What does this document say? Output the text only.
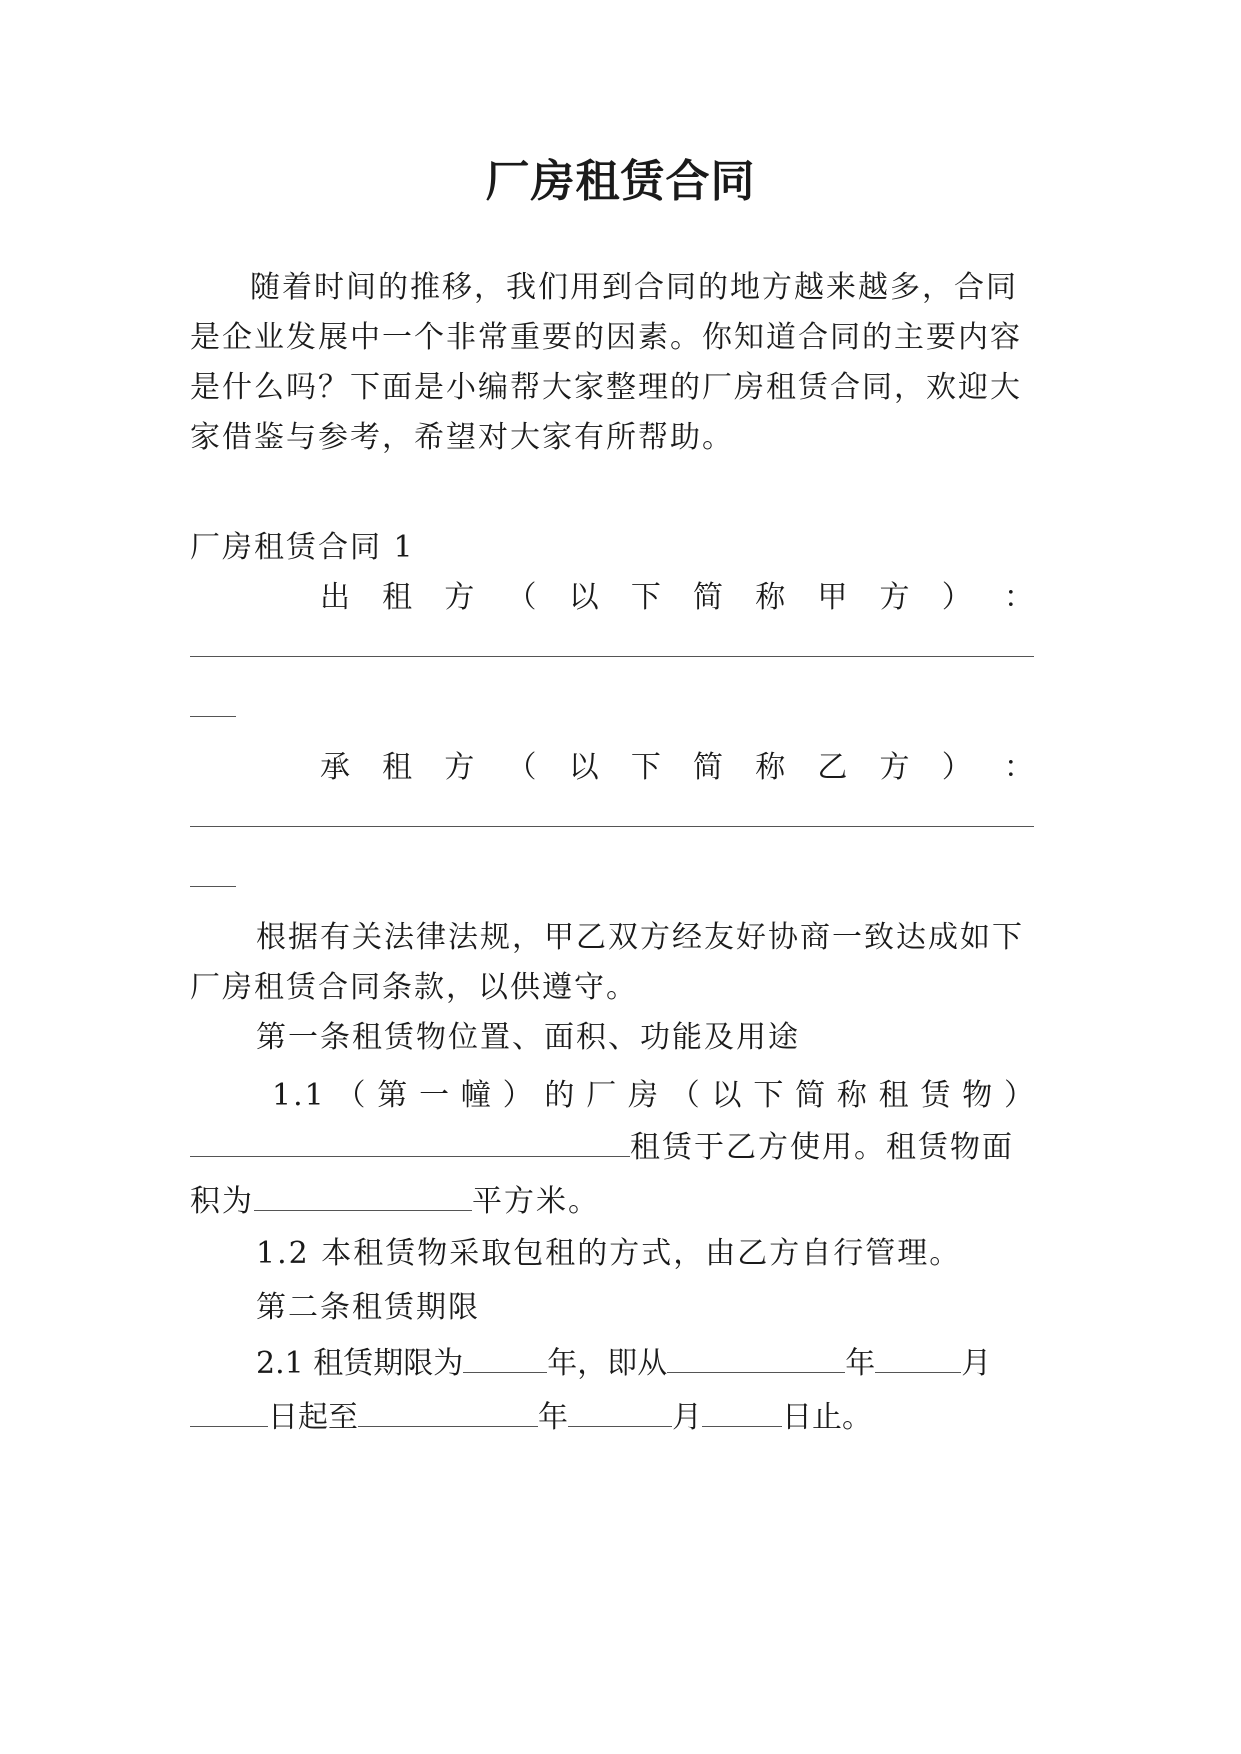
厂房租赁合同
随着时间的推移，我们用到合同的地方越来越多，合同
是企业发展中一个非常重要的因素。你知道合同的主要内容
是什么吗？下面是小编帮大家整理的厂房租赁合同，欢迎大
家借鉴与参考，希望对大家有所帮助。
厂房租赁合同 1
出 租 方 （ 以 下 简 称 甲 方 ） ：
承 租 方 （ 以 下 简 称 乙 方 ） ：
根据有关法律法规，甲乙双方经友好协商一致达成如下
厂房租赁合同条款，以供遵守。
第一条租赁物位置、面积、功能及用途
1.1 （ 第 一 幢 ） 的 厂 房 （ 以 下 简 称 租 赁 物 ）
租赁于乙方使用。租赁物面
积为	平方米。
1.2 本租赁物采取包租的方式，由乙方自行管理。
第二条租赁期限
2.1 租赁期限为	年，即从	年	月
日起至	年	月	日止。
